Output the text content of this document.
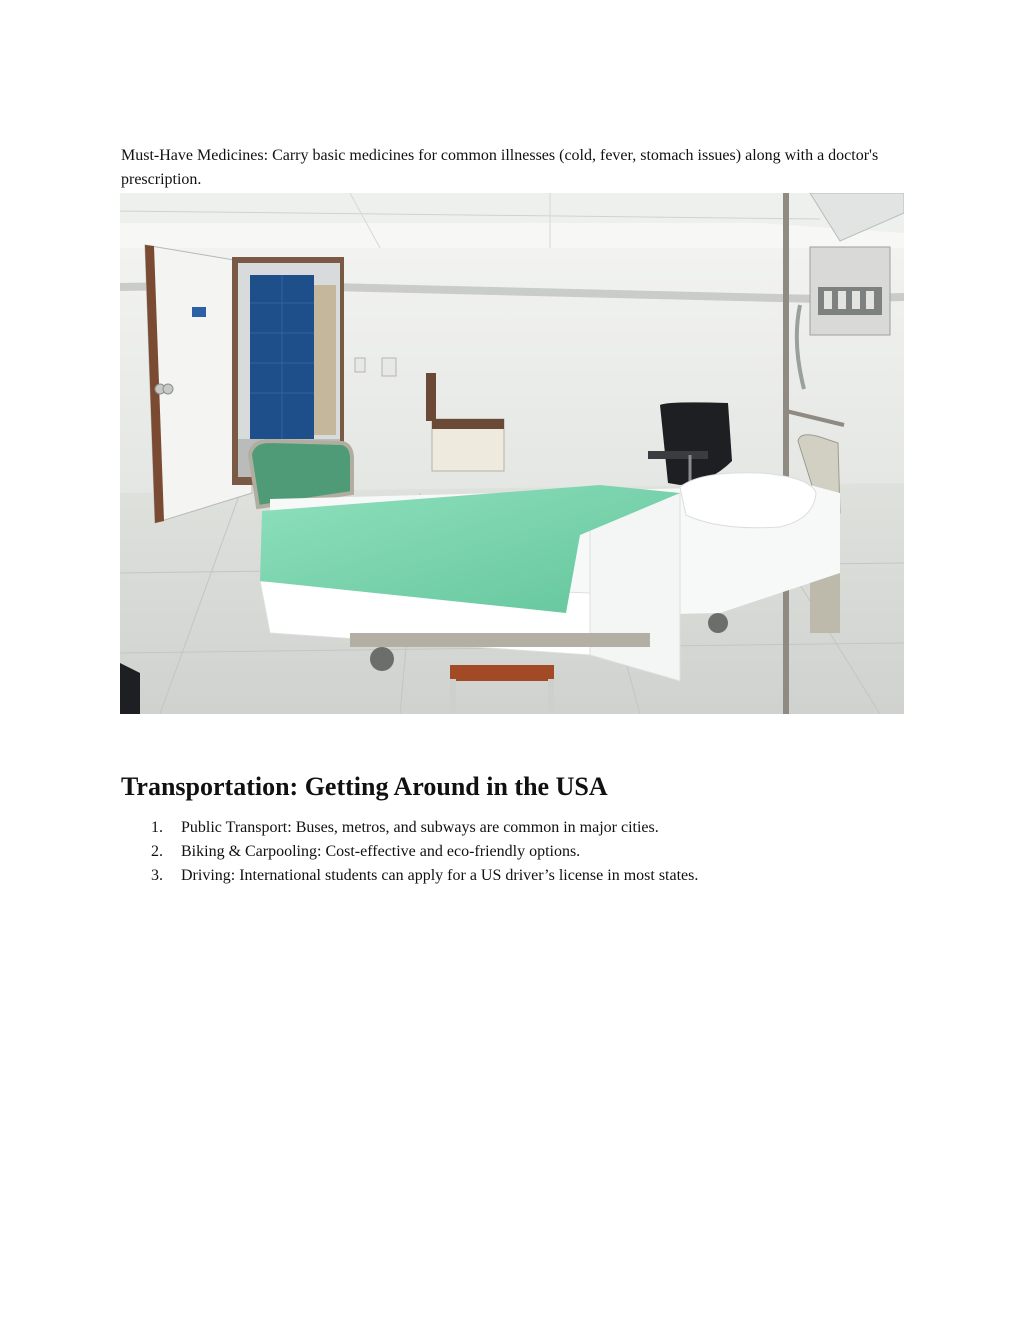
Must-Have Medicines: Carry basic medicines for common illnesses (cold, fever, stomach issues) along with a doctor's prescription.

Transportation: Getting Around in the USA
1.	Public Transport: Buses, metros, and subways are common in major cities.
2.	Biking & Carpooling: Cost-effective and eco-friendly options.
3.	Driving: International students can apply for a US driver’s license in most states.
